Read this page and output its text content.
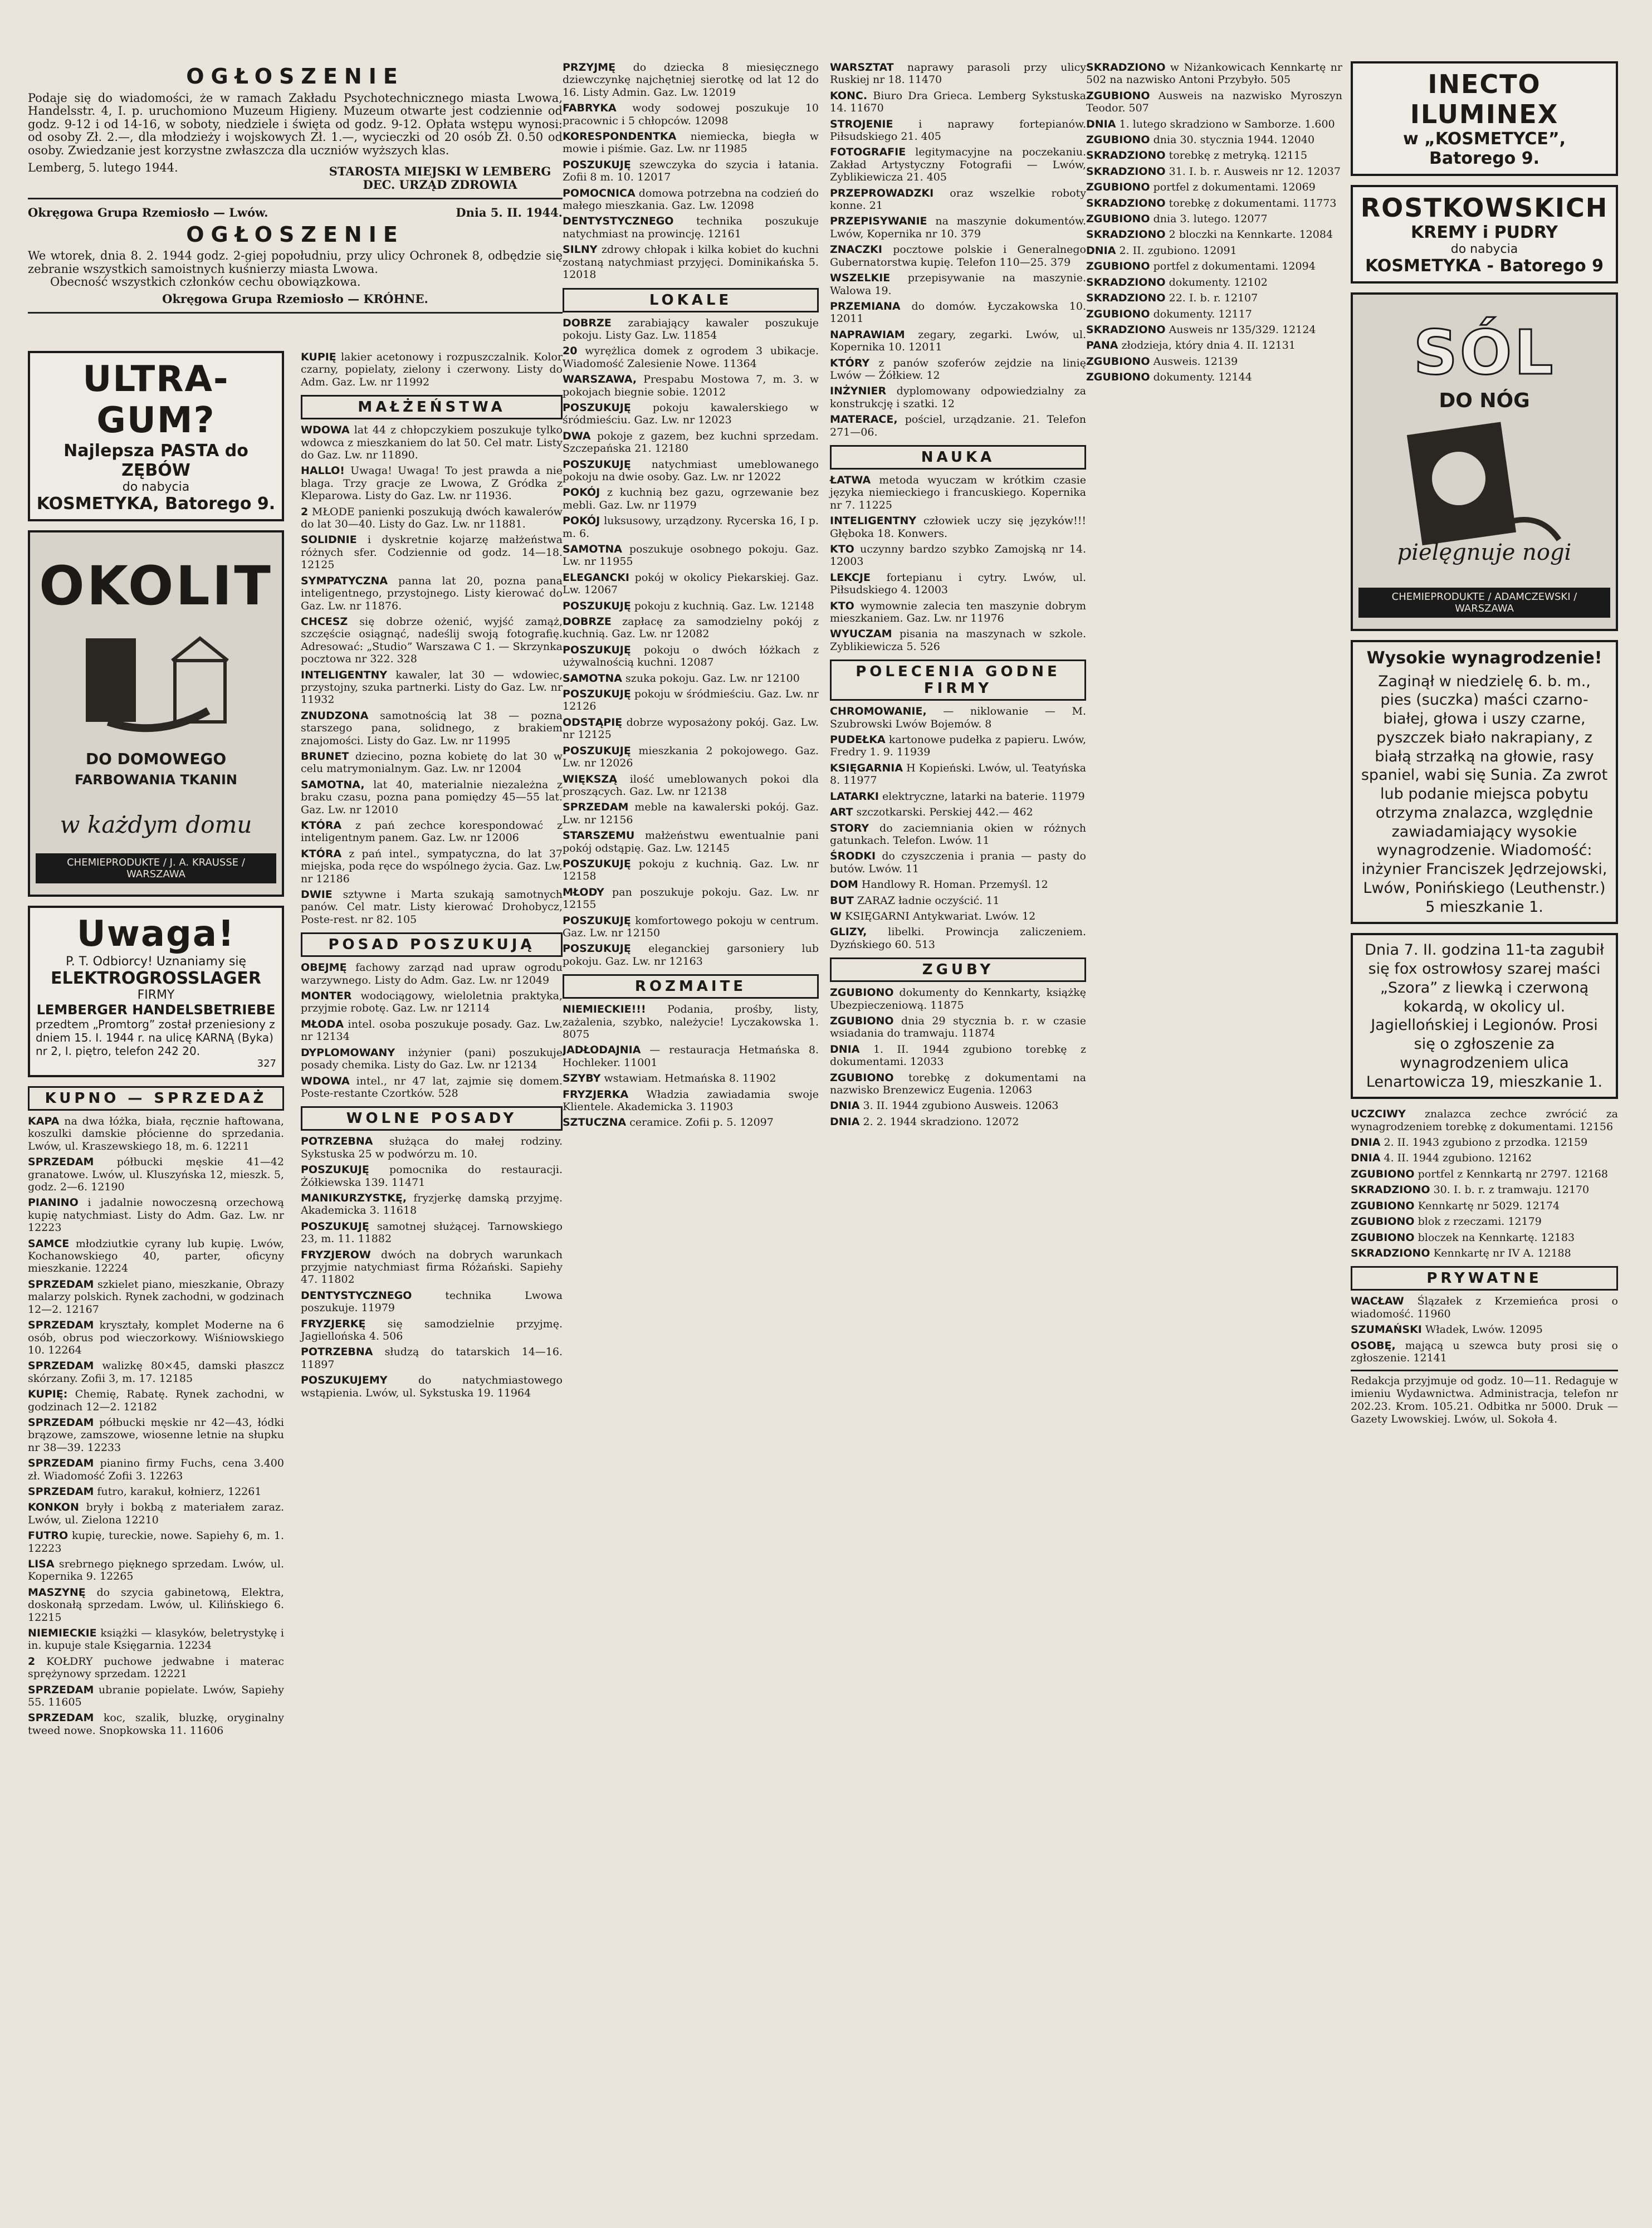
OGŁOSZENIE
Podaje się do wiadomości, że w ramach Zakładu Psychotechnicznego miasta Lwowa, Handelsstr. 4, I. p. uruchomiono Muzeum Higieny. Muzeum otwarte jest codziennie od godz. 9-12 i od 14-16, w soboty, niedziele i święta od godz. 9-12. Opłata wstępu wynosi: od osoby Zł. 2.—, dla młodzieży i wojskowych Zł. 1.—, wycieczki od 20 osób Zł. 0.50 od osoby. Zwiedzanie jest korzystne zwłaszcza dla uczniów wyższych klas.
Lemberg, 5. lutego 1944.	STAROSTA MIEJSKI W LEMBERG DEC. URZĄD ZDROWIA
Okręgowa Grupa Rzemiosło — Lwów.	Dnia 5. II. 1944.
OGŁOSZENIE
We wtorek, dnia 8. 2. 1944 godz. 2-giej popołudniu, przy ulicy Ochronek 8, odbędzie się zebranie wszystkich samoistnych kuśnierzy miasta Lwowa.
Obecność wszystkich członków cechu obowiązkowa.
Okręgowa Grupa Rzemiosło — KRÓHNE.
ULTRA-GUM?
Najlepsza PASTA do ZĘBÓW
do nabycia
KOSMETYKA, Batorego 9.
OKOLIT
DO DOMOWEGO
FARBOWANIA TKANIN
w każdym domu
CHEMIEPRODUKTE / J. A. KRAUSSE / WARSZAWA
Uwaga!
P. T. Odbiorcy! Uznaniamy się
ELEKTROGROSSLAGER
FIRMY
LEMBERGER HANDELSBETRIEBE
przedtem „Promtorg” został przeniesiony z dniem 15. I. 1944 r. na ulicę KARNĄ (Byka) nr 2, I. piętro, telefon 242 20.
327
KUPNO — SPRZEDAŻ

KAPA na dwa łóżka, biała, ręcznie haftowana, koszulki damskie płócienne do sprzedania. Lwów, ul. Kraszewskiego 18, m. 6. 12211

SPRZEDAM półbucki męskie 41—42 granatowe. Lwów, ul. Kluszyńska 12, mieszk. 5, godz. 2—6. 12190

PIANINO i jadalnie nowoczesną orzechową kupię natychmiast. Listy do Adm. Gaz. Lw. nr 12223

SAMCE młodziutkie cyrany lub kupię. Lwów, Kochanowskiego 40, parter, oficyny mieszkanie. 12224

SPRZEDAM szkielet piano, mieszkanie, Obrazy malarzy polskich. Rynek zachodni, w godzinach 12—2. 12167

SPRZEDAM kryształy, komplet Moderne na 6 osób, obrus pod wieczorkowy. Wiśniowskiego 10. 12264

SPRZEDAM walizkę 80×45, damski płaszcz skórzany. Zofii 3, m. 17. 12185

KUPIĘ: Chemię, Rabatę. Rynek zachodni, w godzinach 12—2. 12182

SPRZEDAM półbucki męskie nr 42—43, łódki brązowe, zamszowe, wiosenne letnie na słupku nr 38—39. 12233

SPRZEDAM pianino firmy Fuchs, cena 3.400 zł. Wiadomość Zofii 3. 12263

SPRZEDAM futro, karakuł, kołnierz, 12261

KONKON bryły i bokbą z materiałem zaraz. Lwów, ul. Zielona 12210

FUTRO kupię, tureckie, nowe. Sapiehy 6, m. 1. 12223

LISA srebrnego pięknego sprzedam. Lwów, ul. Kopernika 9. 12265

MASZYNĘ do szycia gabinetową, Elektra, doskonałą sprzedam. Lwów, ul. Kilińskiego 6. 12215

NIEMIECKIE książki — klasyków, beletrystykę i in. kupuje stale Księgarnia. 12234

2 KOŁDRY puchowe jedwabne i materac sprężynowy sprzedam. 12221

SPRZEDAM ubranie popielate. Lwów, Sapiehy 55. 11605

SPRZEDAM koc, szalik, bluzkę, oryginalny tweed nowe. Snopkowska 11. 11606

KUPIĘ lakier acetonowy i rozpuszczalnik. Kolor czarny, popielaty, zielony i czerwony. Listy do Adm. Gaz. Lw. nr 11992

MAŁŻEŃSTWA

WDOWA lat 44 z chłopczykiem poszukuje tylko wdowca z mieszkaniem do lat 50. Cel matr. Listy do Gaz. Lw. nr 11890.

HALLO! Uwaga! Uwaga! To jest prawda a nie blaga. Trzy gracje ze Lwowa, Z Gródka z Kleparowa. Listy do Gaz. Lw. nr 11936.

2 MŁODE panienki poszukują dwóch kawalerów do lat 30—40. Listy do Gaz. Lw. nr 11881.

SOLIDNIE i dyskretnie kojarzę małżeństwa różnych sfer. Codziennie od godz. 14—18. 12125

SYMPATYCZNA panna lat 20, pozna pana inteligentnego, przystojnego. Listy kierować do Gaz. Lw. nr 11876.

CHCESZ się dobrze ożenić, wyjść zamąż, szczęście osiągnąć, nadeślij swoją fotografię. Adresować: „Studio” Warszawa C 1. — Skrzynka pocztowa nr 322. 328

INTELIGENTNY kawaler, lat 30 — wdowiec, przystojny, szuka partnerki. Listy do Gaz. Lw. nr 11932

ZNUDZONA samotnością lat 38 — pozna starszego pana, solidnego, z brakiem znajomości. Listy do Gaz. Lw. nr 11995

BRUNET dziecino, pozna kobietę do lat 30 w celu matrymonialnym. Gaz. Lw. nr 12004

SAMOTNA, lat 40, materialnie niezależna z braku czasu, pozna pana pomiędzy 45—55 lat. Gaz. Lw. nr 12010

KTÓRA z pań zechce korespondować z inteligentnym panem. Gaz. Lw. nr 12006

KTÓRA z pań intel., sympatyczna, do lat 37 miejska, poda ręce do wspólnego życia. Gaz. Lw. nr 12186

DWIE sztywne i Marta szukają samotnych panów. Cel matr. Listy kierować Drohobycz, Poste-rest. nr 82. 105

POSAD POSZUKUJĄ

OBEJMĘ fachowy zarząd nad upraw ogrodu warzywnego. Listy do Adm. Gaz. Lw. nr 12049

MONTER wodociągowy, wieloletnia praktyka, przyjmie robotę. Gaz. Lw. nr 12114

MŁODA intel. osoba poszukuje posady. Gaz. Lw. nr 12134

DYPLOMOWANY inżynier (pani) poszukuje posady chemika. Listy do Gaz. Lw. nr 12134

WDOWA intel., nr 47 lat, zajmie się domem. Poste-restante Czortków. 528

WOLNE POSADY

POTRZEBNA służąca do małej rodziny. Sykstuska 25 w podwórzu m. 10.

POSZUKUJĘ pomocnika do restauracji. Żółkiewska 139. 11471

MANIKURZYSTKĘ, fryzjerkę damską przyjmę. Akademicka 3. 11618

POSZUKUJĘ samotnej służącej. Tarnowskiego 23, m. 11. 11882

FRYZJEROW dwóch na dobrych warunkach przyjmie natychmiast firma Różański. Sapiehy 47. 11802

DENTYSTYCZNEGO technika Lwowa poszukuje. 11979

FRYZJERKĘ się samodzielnie przyjmę. Jagiellońska 4. 506

POTRZEBNA słudzą do tatarskich 14—16. 11897

POSZUKUJEMY do natychmiastowego wstąpienia. Lwów, ul. Sykstuska 19. 11964

PRZYJMĘ do dziecka 8 miesięcznego dziewczynkę najchętniej sierotkę od lat 12 do 16. Listy Admin. Gaz. Lw. 12019

FABRYKA wody sodowej poszukuje 10 pracownic i 5 chłopców. 12098

KORESPONDENTKA niemiecka, biegła w mowie i piśmie. Gaz. Lw. nr 11985

POSZUKUJĘ szewczyka do szycia i łatania. Zofii 8 m. 10. 12017

POMOCNICA domowa potrzebna na codzień do małego mieszkania. Gaz. Lw. 12098

DENTYSTYCZNEGO technika poszukuje natychmiast na prowincję. 12161

SILNY zdrowy chłopak i kilka kobiet do kuchni zostaną natychmiast przyjęci. Dominikańska 5. 12018

LOKALE

DOBRZE zarabiający kawaler poszukuje pokoju. Listy Gaz. Lw. 11854

20 wyrężlica domek z ogrodem 3 ubikacje. Wiadomość Zalesienie Nowe. 11364

WARSZAWA, Prespabu Mostowa 7, m. 3. w pokojach biegnie sobie. 12012

POSZUKUJĘ pokoju kawalerskiego w śródmieściu. Gaz. Lw. nr 12023

DWA pokoje z gazem, bez kuchni sprzedam. Szczepańska 21. 12180

POSZUKUJĘ natychmiast umeblowanego pokoju na dwie osoby. Gaz. Lw. nr 12022

POKÓJ z kuchnią bez gazu, ogrzewanie bez mebli. Gaz. Lw. nr 11979

POKÓJ luksusowy, urządzony. Rycerska 16, I p. m. 6.

SAMOTNA poszukuje osobnego pokoju. Gaz. Lw. nr 11955

ELEGANCKI pokój w okolicy Piekarskiej. Gaz. Lw. 12067

POSZUKUJĘ pokoju z kuchnią. Gaz. Lw. 12148

DOBRZE zapłacę za samodzielny pokój z kuchnią. Gaz. Lw. nr 12082

POSZUKUJĘ pokoju o dwóch łóżkach z używalnością kuchni. 12087

SAMOTNA szuka pokoju. Gaz. Lw. nr 12100

POSZUKUJĘ pokoju w śródmieściu. Gaz. Lw. nr 12126

ODSTĄPIĘ dobrze wyposażony pokój. Gaz. Lw. nr 12125

POSZUKUJĘ mieszkania 2 pokojowego. Gaz. Lw. nr 12026

WIĘKSZĄ ilość umeblowanych pokoi dla proszących. Gaz. Lw. nr 12138

SPRZEDAM meble na kawalerski pokój. Gaz. Lw. nr 12156

STARSZEMU małżeństwu ewentualnie pani pokój odstąpię. Gaz. Lw. 12145

POSZUKUJĘ pokoju z kuchnią. Gaz. Lw. nr 12158

MŁODY pan poszukuje pokoju. Gaz. Lw. nr 12155

POSZUKUJĘ komfortowego pokoju w centrum. Gaz. Lw. nr 12150

POSZUKUJĘ eleganckiej garsoniery lub pokoju. Gaz. Lw. nr 12163

ROZMAITE

NIEMIECKIE!!! Podania, prośby, listy, zażalenia, szybko, należycie! Lyczakowska 1. 8075

JADŁODAJNIA — restauracja Hetmańska 8. Hochleker. 11001

SZYBY wstawiam. Hetmańska 8. 11902

FRYZJERKA Władzia zawiadamia swoje Klientele. Akademicka 3. 11903

SZTUCZNA ceramice. Zofii p. 5. 12097

WARSZTAT naprawy parasoli przy ulicy Ruskiej nr 18. 11470

KONC. Biuro Dra Grieca. Lemberg Sykstuska 14. 11670

STROJENIE i naprawy fortepianów. Piłsudskiego 21. 405

FOTOGRAFIE legitymacyjne na poczekaniu. Zakład Artystyczny Fotografii — Lwów, Zyblikiewicza 21. 405

PRZEPROWADZKI oraz wszelkie roboty konne. 21

PRZEPISYWANIE na maszynie dokumentów. Lwów, Kopernika nr 10. 379

ZNACZKI pocztowe polskie i Generalnego Gubernatorstwa kupię. Telefon 110—25. 379

WSZELKIE przepisywanie na maszynie. Walowa 19.

PRZEMIANA do domów. Łyczakowska 10. 12011

NAPRAWIAM zegary, zegarki. Lwów, ul. Kopernika 10. 12011

KTÓRY z panów szoferów zejdzie na linię Lwów — Żółkiew. 12

INŻYNIER dyplomowany odpowiedzialny za konstrukcję i szatki. 12

MATERACE, pościel, urządzanie. 21. Telefon 271—06.

NAUKA

ŁATWA metoda wyuczam w krótkim czasie języka niemieckiego i francuskiego. Kopernika nr 7. 11225

INTELIGENTNY człowiek uczy się języków!!! Głęboka 18. Konwers.

KTO uczynny bardzo szybko Zamojską nr 14. 12003

LEKCJE fortepianu i cytry. Lwów, ul. Piłsudskiego 4. 12003

KTO wymownie zalecia ten maszynie dobrym mieszkaniem. Gaz. Lw. nr 11976

WYUCZAM pisania na maszynach w szkole. Zyblikiewicza 5. 526

POLECENIA GODNE FIRMY

CHROMOWANIE, — niklowanie — M. Szubrowski Lwów Bojemów. 8

PUDEŁKA kartonowe pudełka z papieru. Lwów, Fredry 1. 9. 11939

KSIĘGARNIA H Kopieński. Lwów, ul. Teatyńska 8. 11977

LATARKI elektryczne, latarki na baterie. 11979

ART szczotkarski. Perskiej 442.— 462

STORY do zaciemniania okien w różnych gatunkach. Telefon. Lwów. 11

ŚRODKI do czyszczenia i prania — pasty do butów. Lwów. 11

DOM Handlowy R. Homan. Przemyśl. 12

BUT ZARAZ ładnie oczyścić. 11

W KSIĘGARNI Antykwariat. Lwów. 12

GLIZY, libelki. Prowincja zaliczeniem. Dyzńskiego 60. 513

ZGUBY

ZGUBIONO dokumenty do Kennkarty, książkę Ubezpieczeniową. 11875

ZGUBIONO dnia 29 stycznia b. r. w czasie wsiadania do tramwaju. 11874

DNIA 1. II. 1944 zgubiono torebkę z dokumentami. 12033

ZGUBIONO torebkę z dokumentami na nazwisko Brenzewicz Eugenia. 12063

DNIA 3. II. 1944 zgubiono Ausweis. 12063

DNIA 2. 2. 1944 skradziono. 12072

SKRADZIONO w Niżankowicach Kennkartę nr 502 na nazwisko Antoni Przybyło. 505

ZGUBIONO Ausweis na nazwisko Myroszyn Teodor. 507

DNIA 1. lutego skradziono w Samborze. 1.600

ZGUBIONO dnia 30. stycznia 1944. 12040

SKRADZIONO torebkę z metryką. 12115

SKRADZIONO 31. I. b. r. Ausweis nr 12. 12037

ZGUBIONO portfel z dokumentami. 12069

SKRADZIONO torebkę z dokumentami. 11773

ZGUBIONO dnia 3. lutego. 12077

SKRADZIONO 2 bloczki na Kennkarte. 12084

DNIA 2. II. zgubiono. 12091

ZGUBIONO portfel z dokumentami. 12094

SKRADZIONO dokumenty. 12102

SKRADZIONO 22. I. b. r. 12107

ZGUBIONO dokumenty. 12117

SKRADZIONO Ausweis nr 135/329. 12124

PANA złodzieja, który dnia 4. II. 12131

ZGUBIONO Ausweis. 12139

ZGUBIONO dokumenty. 12144

INECTO ILUMINEX
w „KOSMETYCE”, Batorego 9.
ROSTKOWSKICH
KREMY i PUDRY
do nabycia
KOSMETYKA - Batorego 9
SÓL
DO NÓG
pielęgnuje nogi
CHEMIEPRODUKTE / ADAMCZEWSKI / WARSZAWA
Wysokie wynagrodzenie!
Zaginął w niedzielę 6. b. m., pies (suczka) maści czarno-białej, głowa i uszy czarne, pyszczek biało nakrapiany, z białą strzałką na głowie, rasy spaniel, wabi się Sunia. Za zwrot lub podanie miejsca pobytu otrzyma znalazca, względnie zawiadamiający wysokie wynagrodzenie. Wiadomość: inżynier Franciszek Jędrzejowski, Lwów, Ponińskiego (Leuthenstr.) 5 mieszkanie 1.
Dnia 7. II. godzina 11-ta zagubił się fox ostrowłosy szarej maści „Szora” z liewką i czerwoną kokardą, w okolicy ul. Jagiellońskiej i Legionów. Prosi się o zgłoszenie za wynagrodzeniem ulica Lenartowicza 19, mieszkanie 1.

UCZCIWY znalazca zechce zwrócić za wynagrodzeniem torebkę z dokumentami. 12156

DNIA 2. II. 1943 zgubiono z przodka. 12159

DNIA 4. II. 1944 zgubiono. 12162

ZGUBIONO portfel z Kennkartą nr 2797. 12168

SKRADZIONO 30. I. b. r. z tramwaju. 12170

ZGUBIONO Kennkartę nr 5029. 12174

ZGUBIONO blok z rzeczami. 12179

ZGUBIONO bloczek na Kennkartę. 12183

SKRADZIONO Kennkartę nr IV A. 12188

PRYWATNE

WACŁAW Ślązałek z Krzemieńca prosi o wiadomość. 11960

SZUMAŃSKI Władek, Lwów. 12095

OSOBĘ, mającą u szewca buty prosi się o zgłoszenie. 12141

Redakcja przyjmuje od godz. 10—11. Redaguje w imieniu Wydawnictwa. Administracja, telefon nr 202.23. Krom. 105.21. Odbitka nr 5000. Druk — Gazety Lwowskiej. Lwów, ul. Sokoła 4.
